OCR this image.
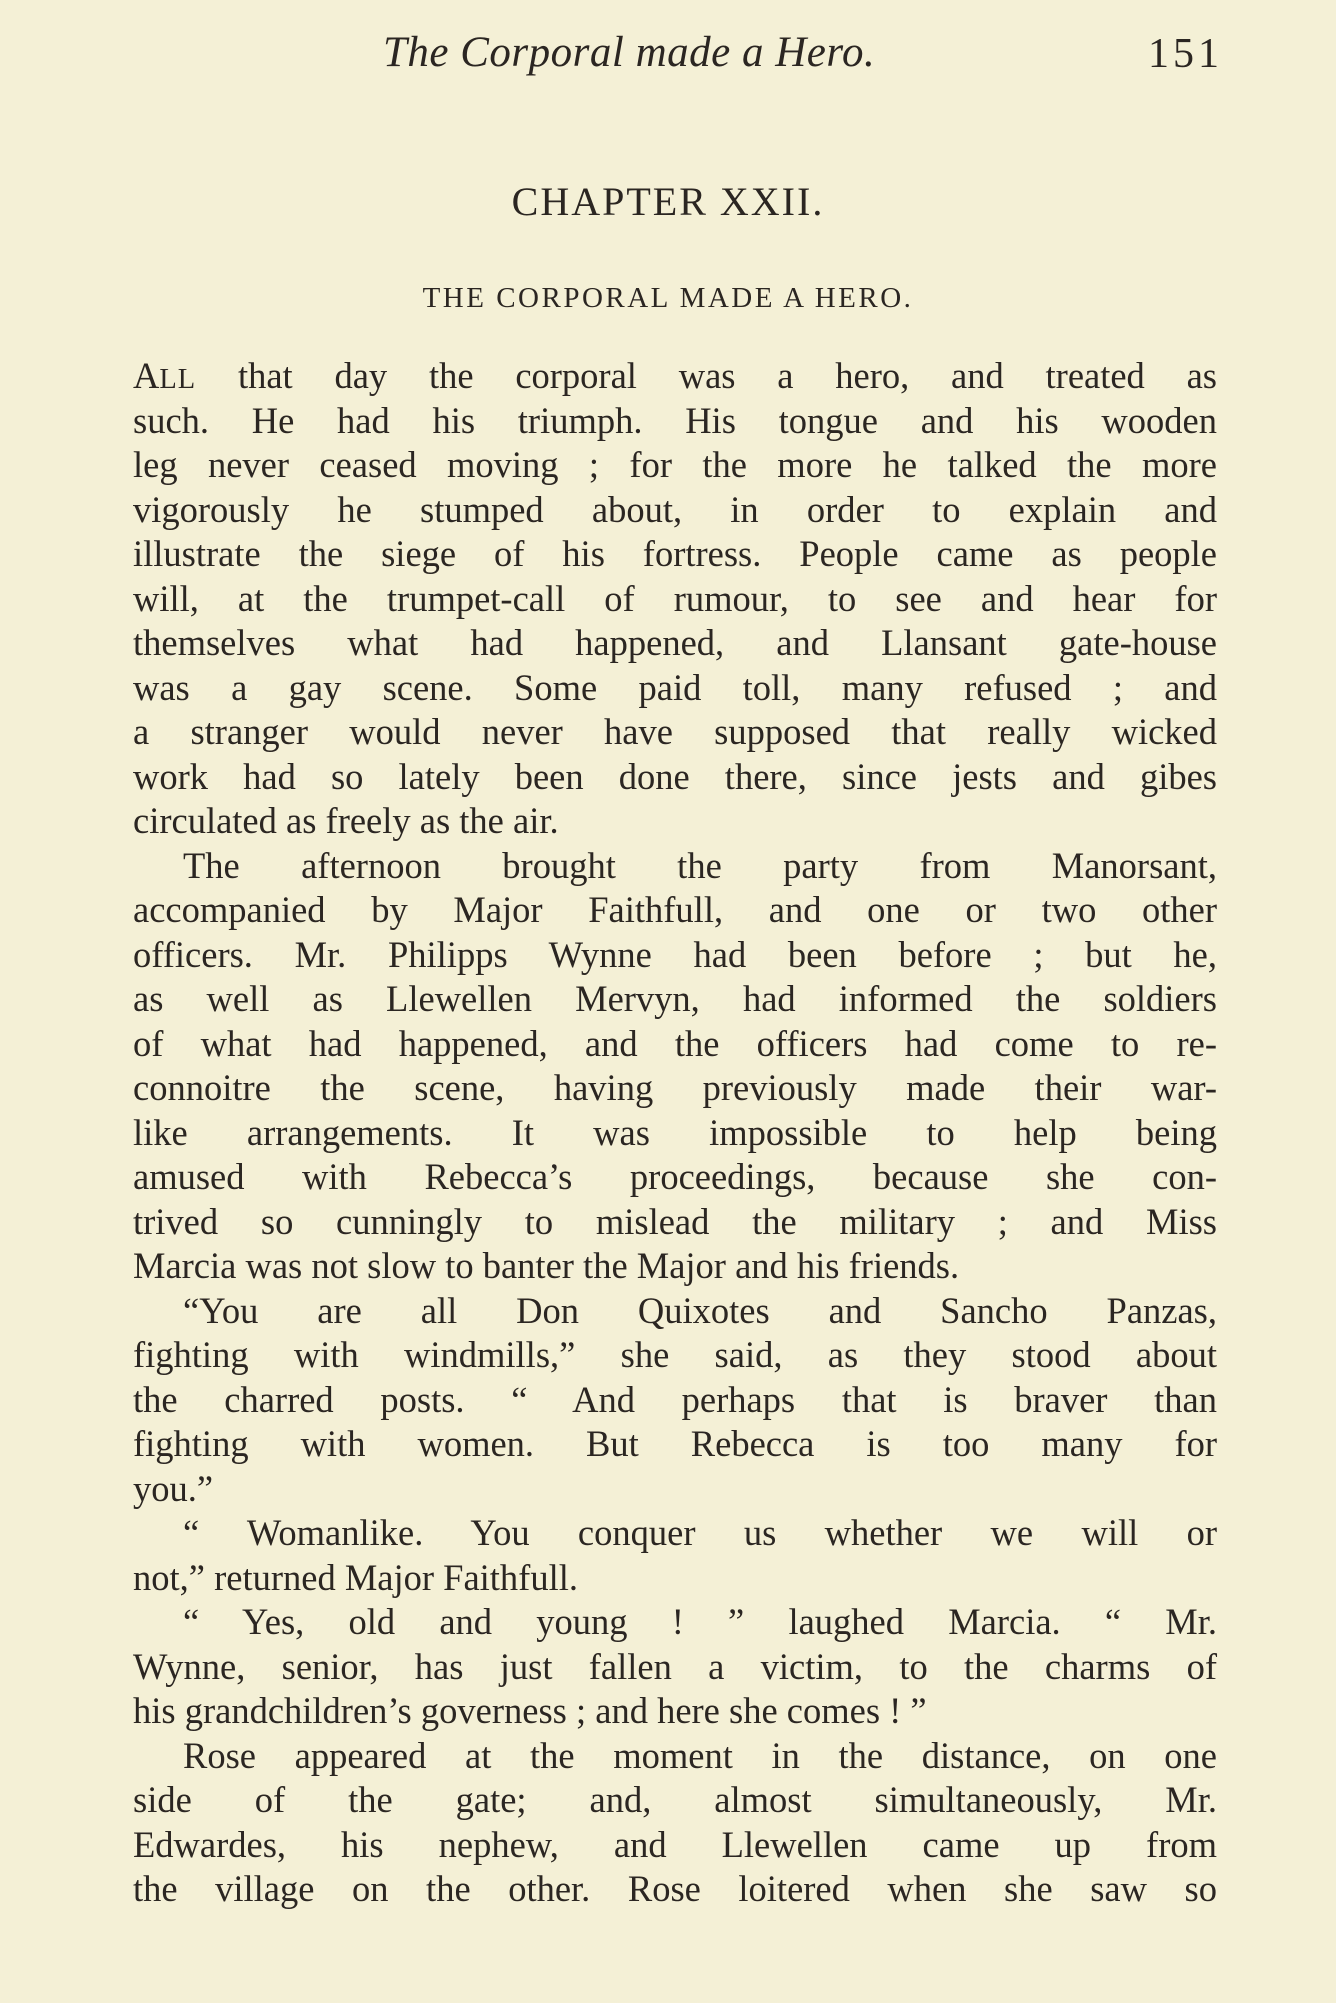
The Corporal made a Hero.	151
CHAPTER XXII.
THE CORPORAL MADE A HERO.
ALL that day the corporal was a hero, and treated as
such. He had his triumph. His tongue and his wooden
leg never ceased moving ; for the more he talked the more
vigorously he stumped about, in order to explain and
illustrate the siege of his fortress. People came as people
will, at the trumpet-call of rumour, to see and hear for
themselves what had happened, and Llansant gate-house
was a gay scene. Some paid toll, many refused ; and
a stranger would never have supposed that really wicked
work had so lately been done there, since jests and gibes
circulated as freely as the air.
The afternoon brought the party from Manorsant,
accompanied by Major Faithfull, and one or two other
officers. Mr. Philipps Wynne had been before ; but he,
as well as Llewellen Mervyn, had informed the soldiers
of what had happened, and the officers had come to re-
connoitre the scene, having previously made their war-
like arrangements. It was impossible to help being
amused with Rebecca’s proceedings, because she con-
trived so cunningly to mislead the military ; and Miss
Marcia was not slow to banter the Major and his friends.
“You are all Don Quixotes and Sancho Panzas,
fighting with windmills,” she said, as they stood about
the charred posts. “ And perhaps that is braver than
fighting with women. But Rebecca is too many for
you.”
“ Womanlike. You conquer us whether we will or
not,” returned Major Faithfull.
“ Yes, old and young ! ” laughed Marcia. “ Mr.
Wynne, senior, has just fallen a victim, to the charms of
his grandchildren’s governess ; and here she comes ! ”
Rose appeared at the moment in the distance, on one
side of the gate; and, almost simultaneously, Mr.
Edwardes, his nephew, and Llewellen came up from
the village on the other. Rose loitered when she saw so
